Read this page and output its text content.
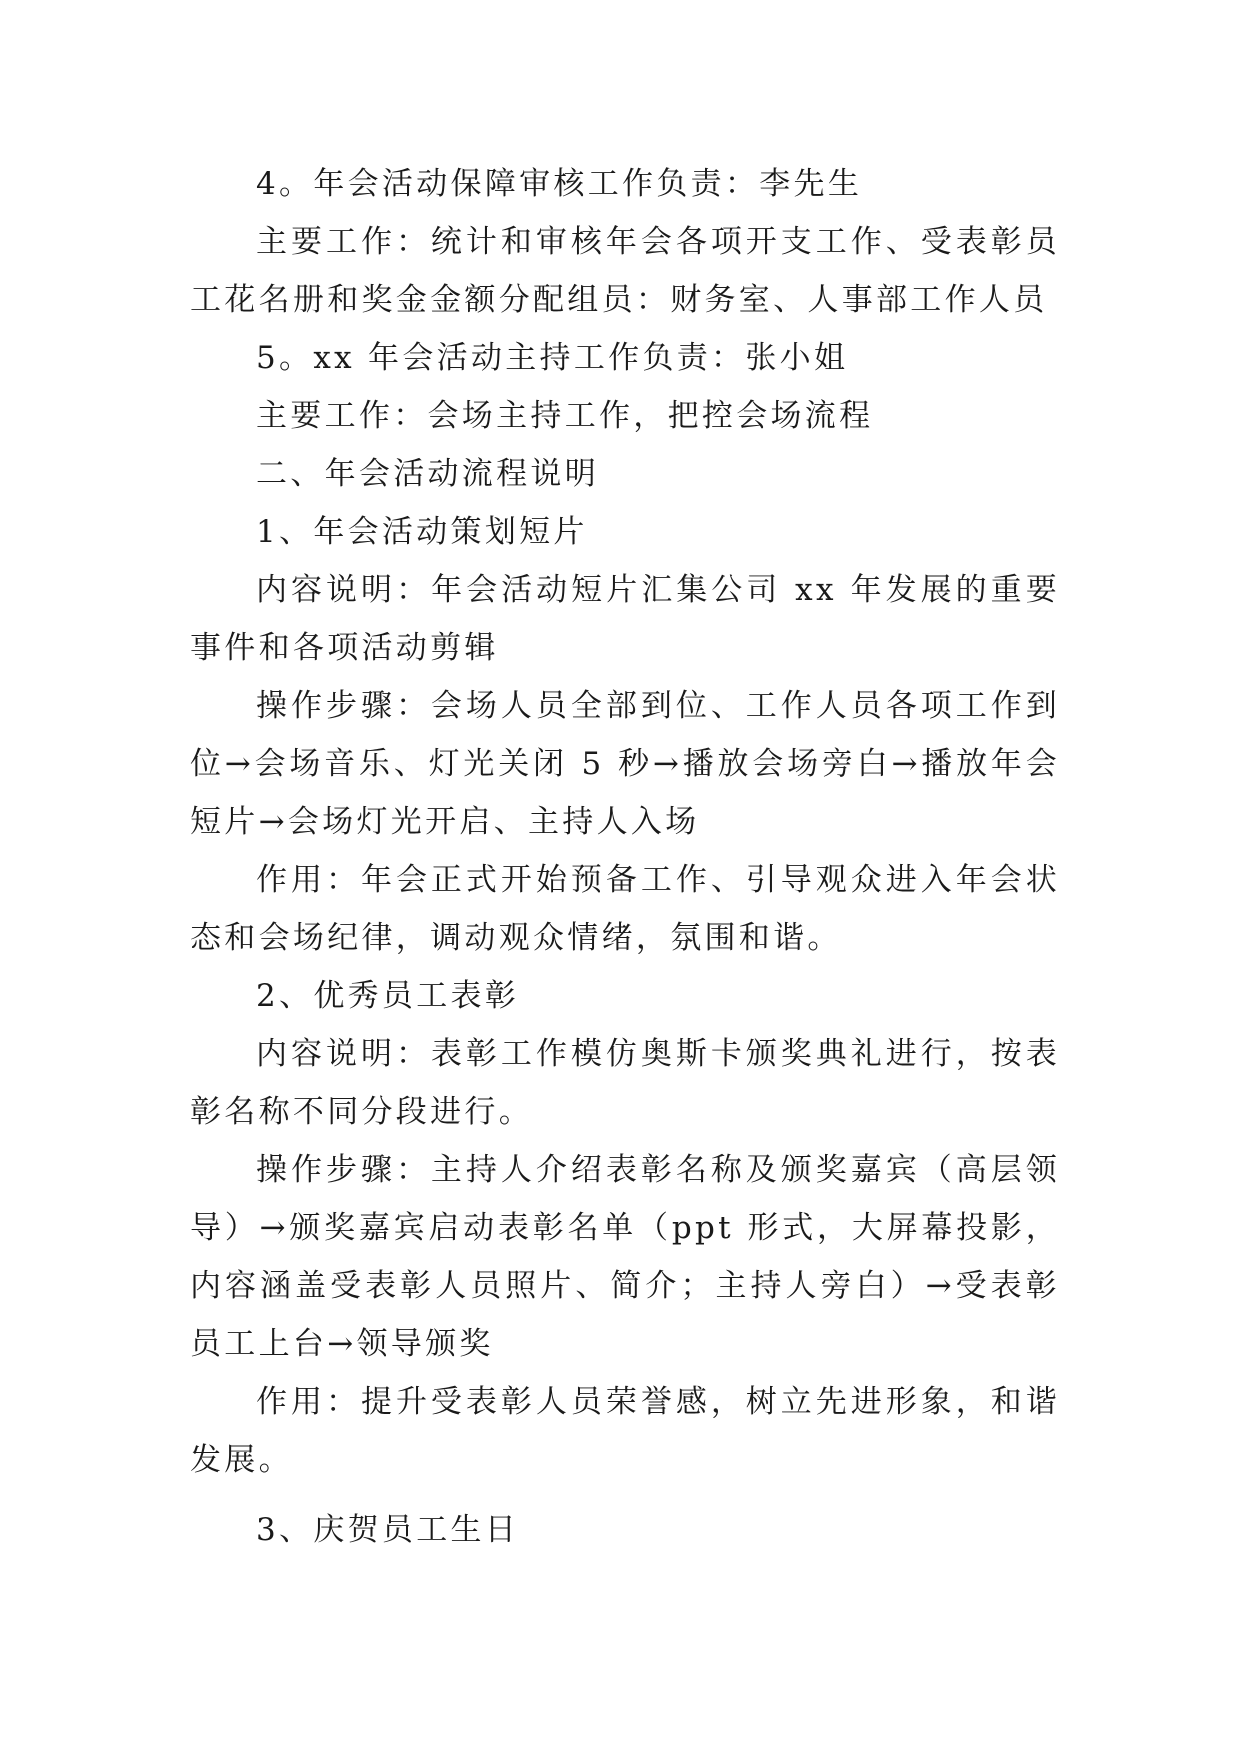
4。年会活动保障审核工作负责：李先生

主要工作：统计和审核年会各项开支工作、受表彰员工花名册和奖金金额分配组员：财务室、人事部工作人员

5。xx 年会活动主持工作负责：张小姐

主要工作：会场主持工作，把控会场流程

二、年会活动流程说明

1、年会活动策划短片

内容说明：年会活动短片汇集公司 xx 年发展的重要事件和各项活动剪辑

操作步骤：会场人员全部到位、工作人员各项工作到位→会场音乐、灯光关闭 5 秒→播放会场旁白→播放年会短片→会场灯光开启、主持人入场

作用：年会正式开始预备工作、引导观众进入年会状态和会场纪律，调动观众情绪，氛围和谐。

2、优秀员工表彰

内容说明：表彰工作模仿奥斯卡颁奖典礼进行，按表彰名称不同分段进行。

操作步骤：主持人介绍表彰名称及颁奖嘉宾（高层领导）→颁奖嘉宾启动表彰名单（ppt 形式，大屏幕投影，内容涵盖受表彰人员照片、简介；主持人旁白）→受表彰员工上台→领导颁奖

作用：提升受表彰人员荣誉感，树立先进形象，和谐发展。

3、庆贺员工生日
